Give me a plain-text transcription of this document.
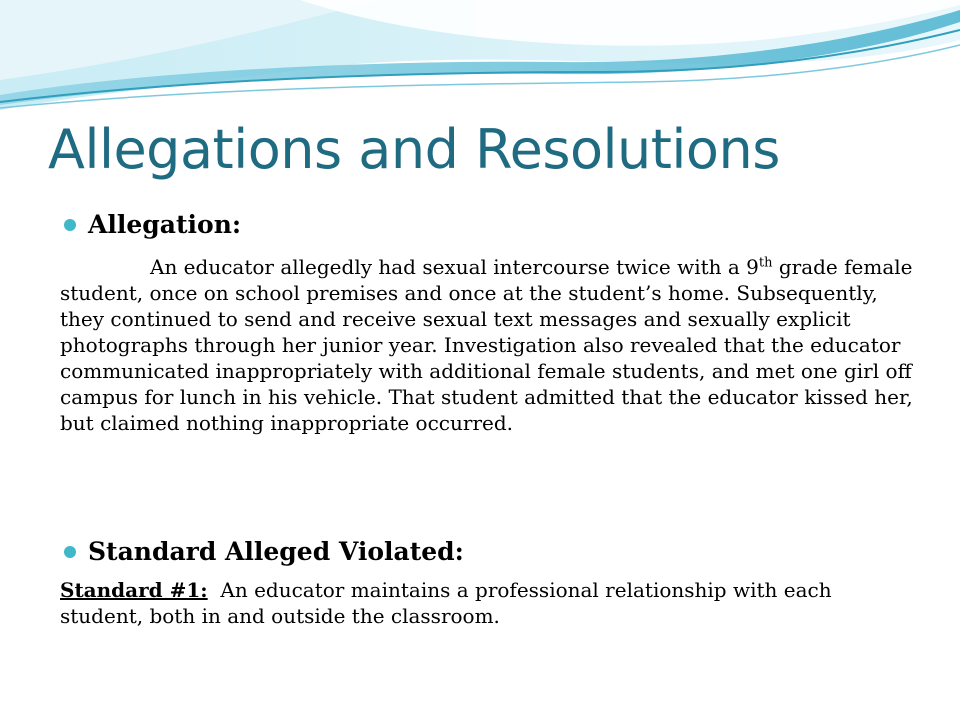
Allegations and Resolutions
Allegation:

An educator allegedly had sexual intercourse twice with a 9th grade female student, once on school premises and once at the student’s home. Subsequently, they continued to send and receive sexual text messages and sexually explicit photographs through her junior year. Investigation also revealed that the educator communicated inappropriately with additional female students, and met one girl off campus for lunch in his vehicle. That student admitted that the educator kissed her, but claimed nothing inappropriate occurred.

Standard Alleged Violated:

Standard #1: An educator maintains a professional relationship with each student, both in and outside the classroom.
